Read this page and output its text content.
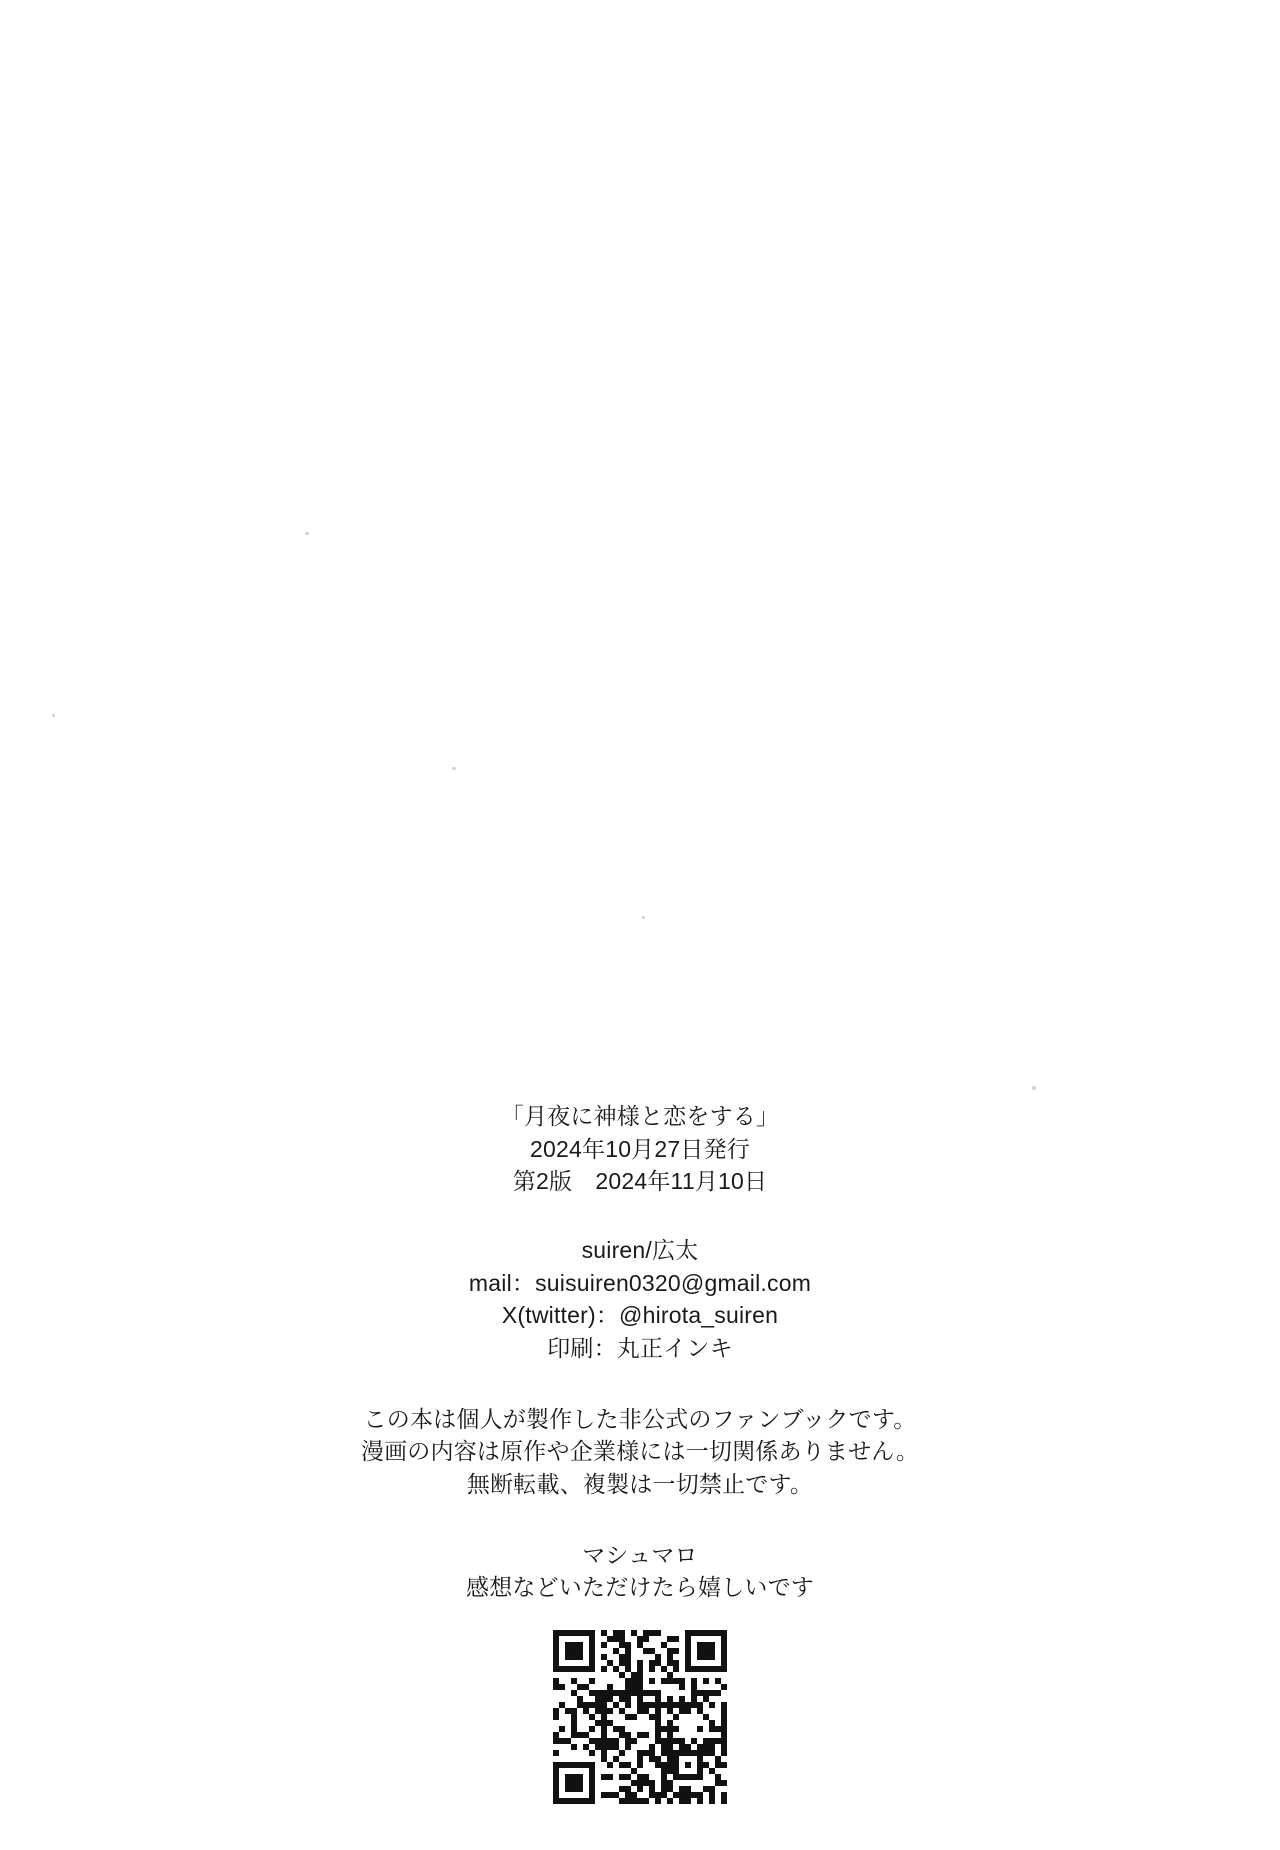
「月夜に神様と恋をする」
2024年10月27日発行
第2版　2024年11月10日
suiren/広太
mail：suisuiren0320@gmail.com
X(twitter)：@hirota_suiren
印刷：丸正インキ
この本は個人が製作した非公式のファンブックです。
漫画の内容は原作や企業様には一切関係ありません。
無断転載、複製は一切禁止です。
マシュマロ
感想などいただけたら嬉しいです
